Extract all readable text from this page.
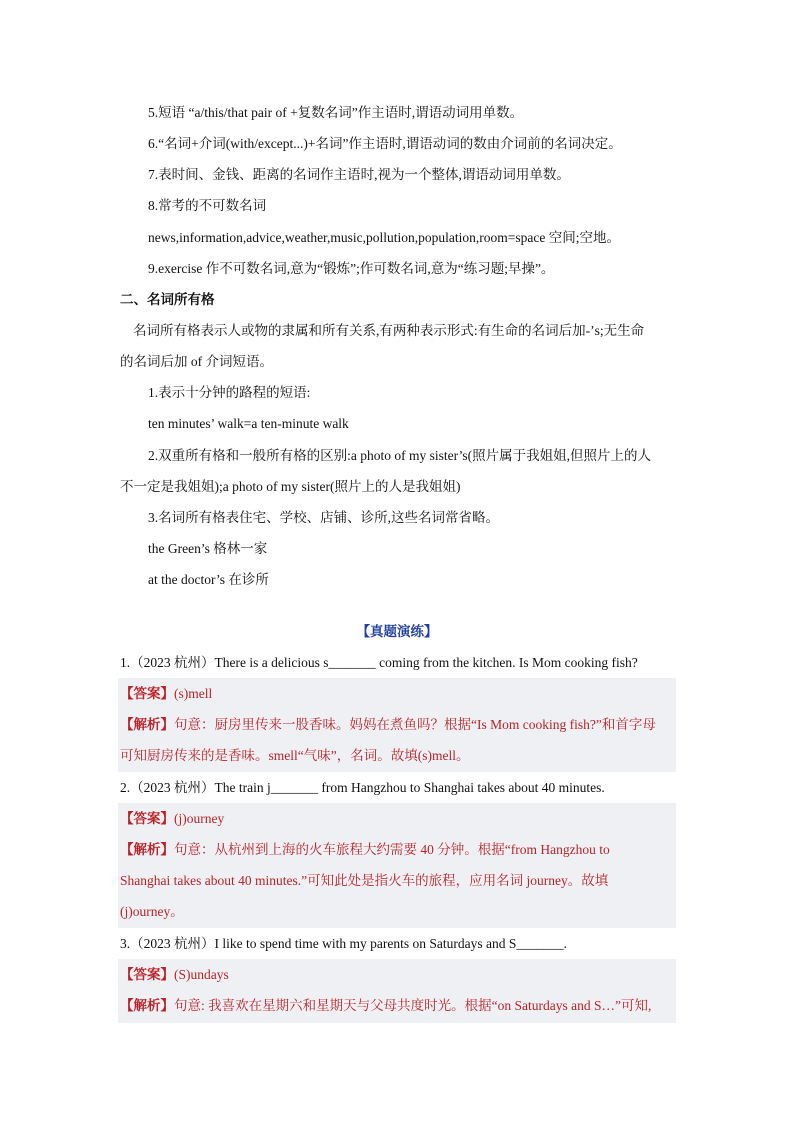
5.短语 “a/this/that pair of +复数名词”作主语时,谓语动词用单数。
6.“名词+介词(with/except...)+名词”作主语时,谓语动词的数由介词前的名词决定。
7.表时间、金钱、距离的名词作主语时,视为一个整体,谓语动词用单数。
8.常考的不可数名词
news,information,advice,weather,music,pollution,population,room=space 空间;空地。
9.exercise 作不可数名词,意为“锻炼”;作可数名词,意为“练习题;早操”。
二、名词所有格
名词所有格表示人或物的隶属和所有关系,有两种表示形式:有生命的名词后加-’s;无生命
的名词后加 of 介词短语。
1.表示十分钟的路程的短语:
ten minutes’ walk=a ten-minute walk
2.双重所有格和一般所有格的区别:a photo of my sister’s(照片属于我姐姐,但照片上的人
不一定是我姐姐);a photo of my sister(照片上的人是我姐姐)
3.名词所有格表住宅、学校、店铺、诊所,这些名词常省略。
the Green’s 格林一家
at the doctor’s 在诊所
【真题演练】
1.（2023 杭州）There is a delicious s_______ coming from the kitchen. Is Mom cooking fish?
【答案】(s)mell
【解析】句意：厨房里传来一股香味。妈妈在煮鱼吗？根据“Is Mom cooking fish?”和首字母
可知厨房传来的是香味。smell“气味”，名词。故填(s)mell。
2.（2023 杭州）The train j_______ from Hangzhou to Shanghai takes about 40 minutes.
【答案】(j)ourney
【解析】句意：从杭州到上海的火车旅程大约需要 40 分钟。根据“from Hangzhou to
Shanghai takes about 40 minutes.”可知此处是指火车的旅程，应用名词 journey。故填
(j)ourney。
3.（2023 杭州）I like to spend time with my parents on Saturdays and S_______.
【答案】(S)undays
【解析】句意: 我喜欢在星期六和星期天与父母共度时光。根据“on Saturdays and S…”可知,
